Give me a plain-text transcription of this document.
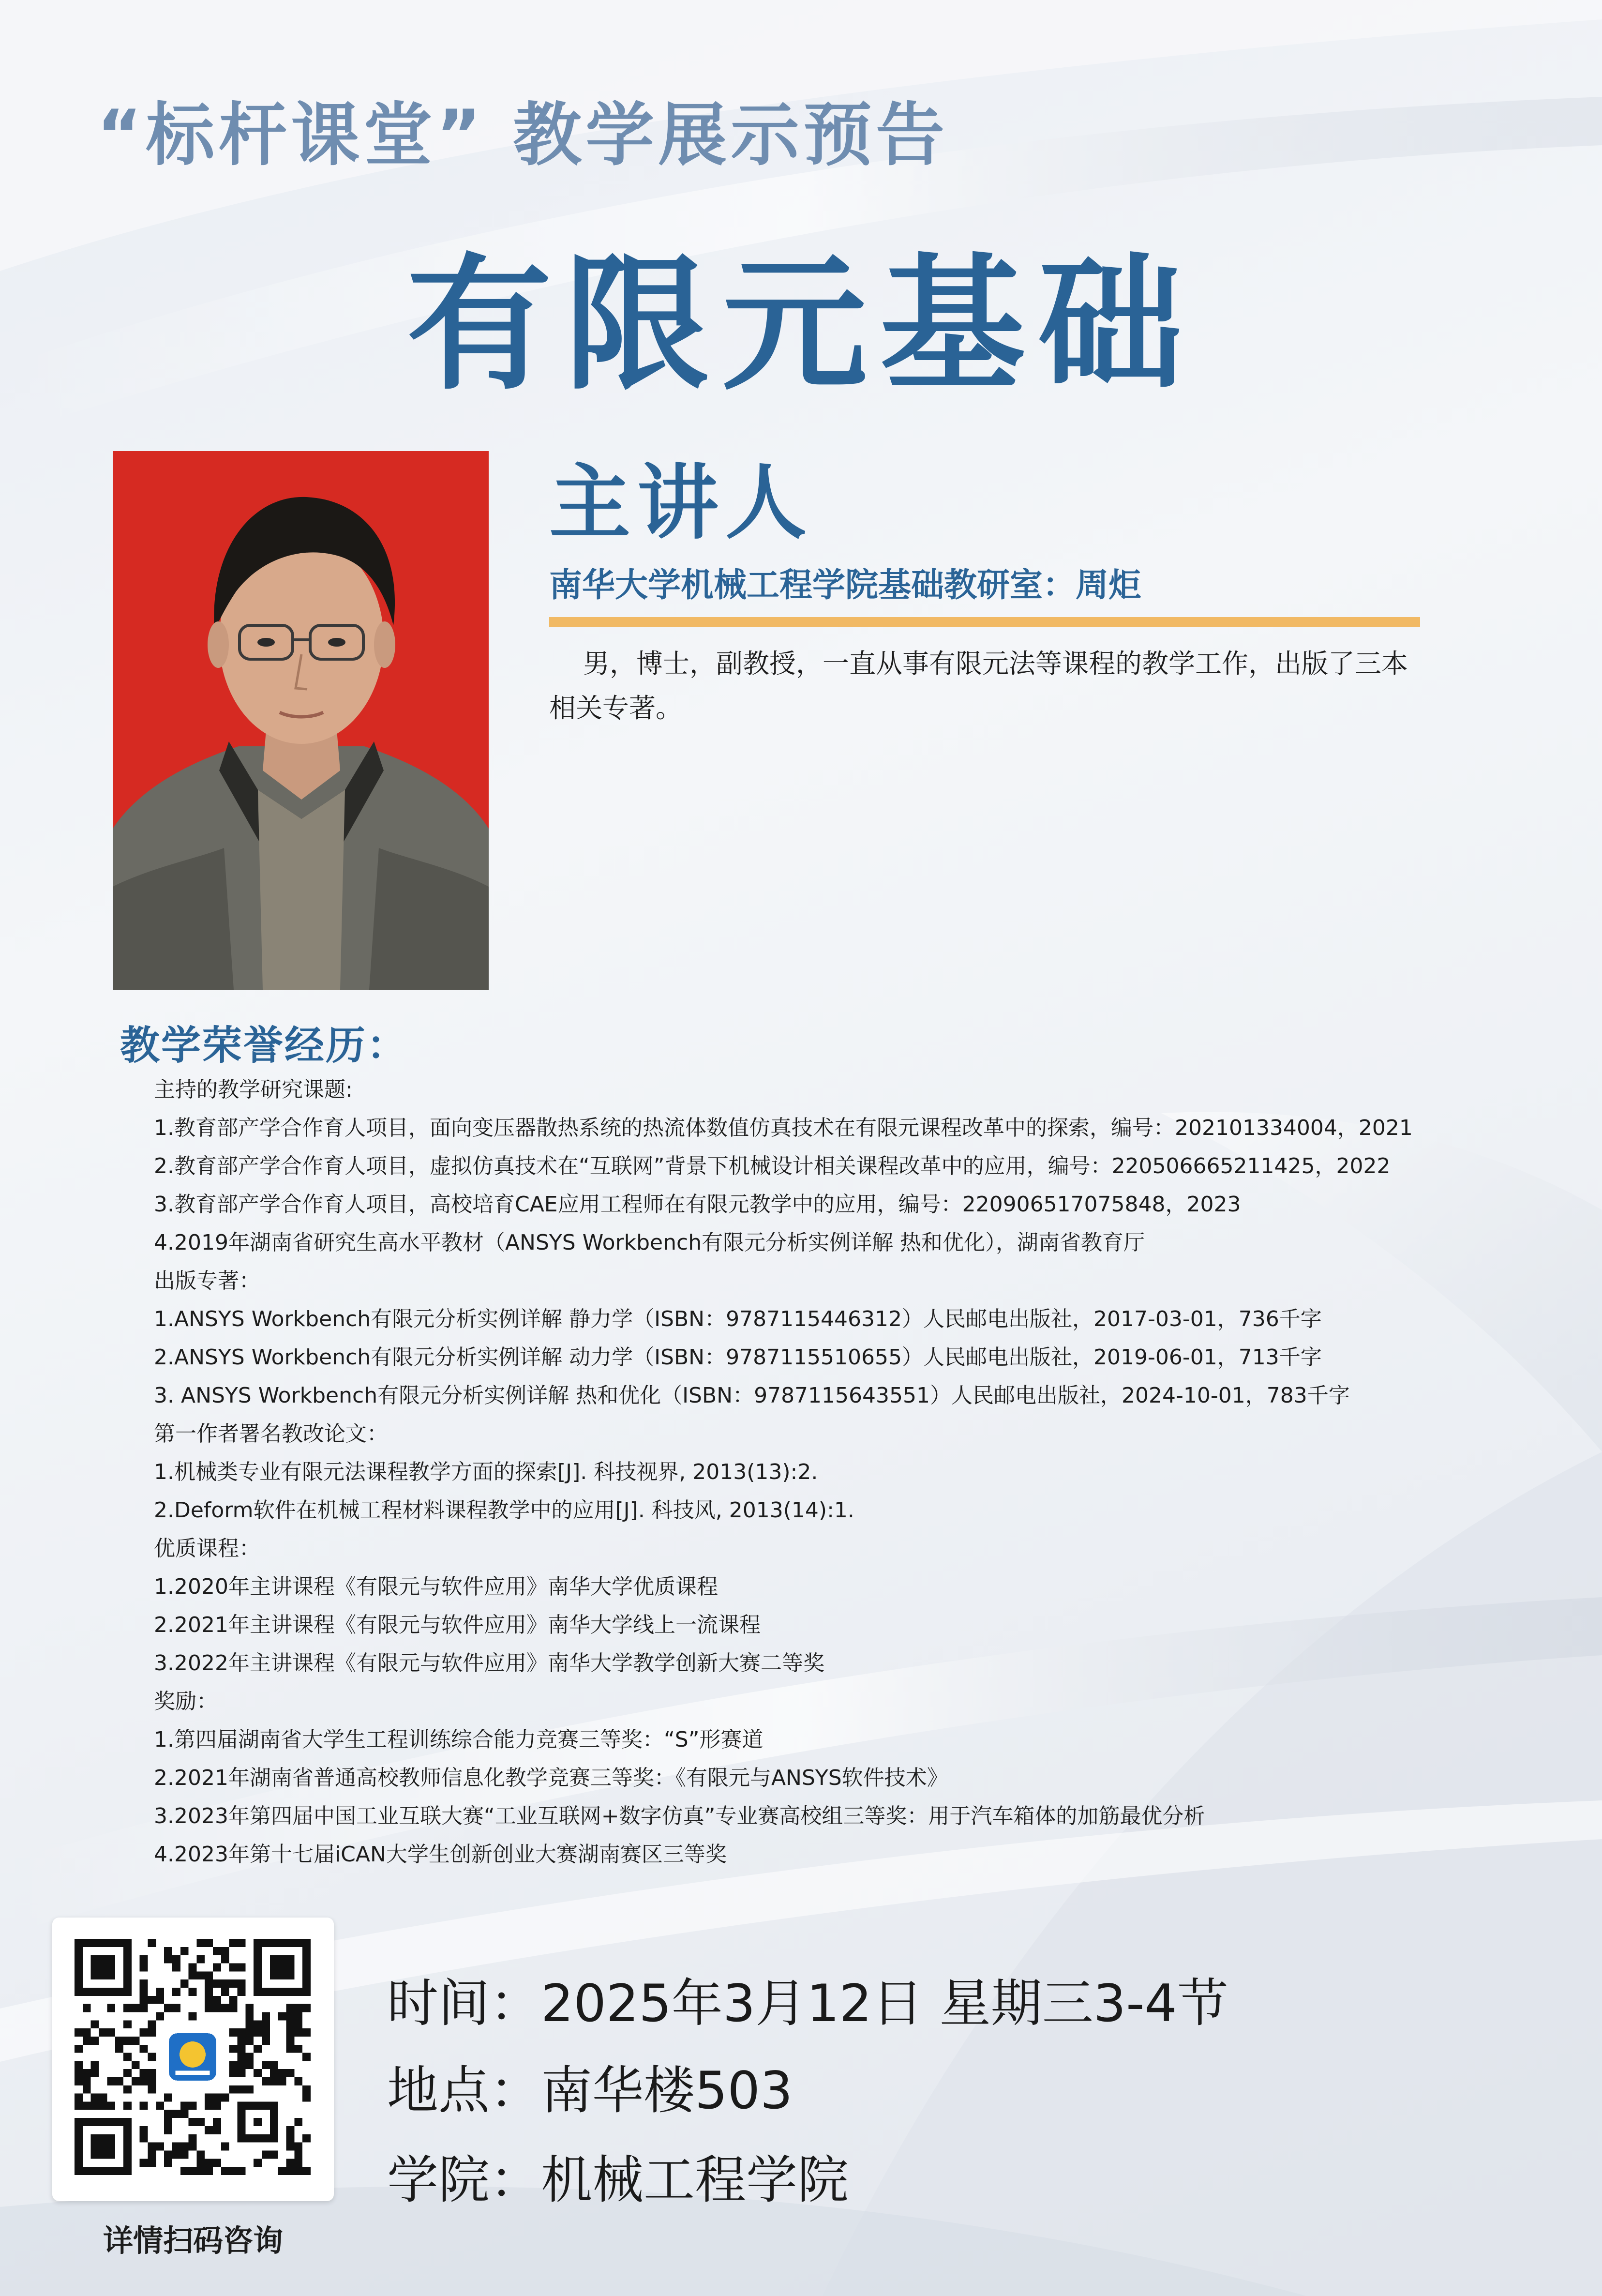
“标杆课堂” 教学展示预告
有限元基础
主讲人
南华大学机械工程学院基础教研室：周炬
男，博士，副教授，一直从事有限元法等课程的教学工作，出版了三本相关专著。
教学荣誉经历：
主持的教学研究课题:
1.教育部产学合作育人项目，面向变压器散热系统的热流体数值仿真技术在有限元课程改革中的探索，编号：202101334004，2021
2.教育部产学合作育人项目，虚拟仿真技术在“互联网”背景下机械设计相关课程改革中的应用，编号：220506665211425，2022
3.教育部产学合作育人项目，高校培育CAE应用工程师在有限元教学中的应用，编号：220906517075848，2023
4.2019年湖南省研究生高水平教材（ANSYS Workbench有限元分析实例详解 热和优化），湖南省教育厅
出版专著：
1.ANSYS Workbench有限元分析实例详解 静力学（ISBN：9787115446312）人民邮电出版社，2017-03-01，736千字
2.ANSYS Workbench有限元分析实例详解 动力学（ISBN：9787115510655）人民邮电出版社，2019-06-01，713千字
3. ANSYS Workbench有限元分析实例详解 热和优化（ISBN：9787115643551）人民邮电出版社，2024-10-01，783千字
第一作者署名教改论文：
1.机械类专业有限元法课程教学方面的探索[J]. 科技视界, 2013(13):2.
2.Deform软件在机械工程材料课程教学中的应用[J]. 科技风, 2013(14):1.
优质课程：
1.2020年主讲课程《有限元与软件应用》南华大学优质课程
2.2021年主讲课程《有限元与软件应用》南华大学线上一流课程
3.2022年主讲课程《有限元与软件应用》南华大学教学创新大赛二等奖
奖励：
1.第四届湖南省大学生工程训练综合能力竞赛三等奖：“S”形赛道
2.2021年湖南省普通高校教师信息化教学竞赛三等奖：《有限元与ANSYS软件技术》
3.2023年第四届中国工业互联大赛“工业互联网+数字仿真”专业赛高校组三等奖：用于汽车箱体的加筋最优分析
4.2023年第十七届iCAN大学生创新创业大赛湖南赛区三等奖
详情扫码咨询
时间：2025年3月12日 星期三3-4节
地点：南华楼503
学院：机械工程学院
